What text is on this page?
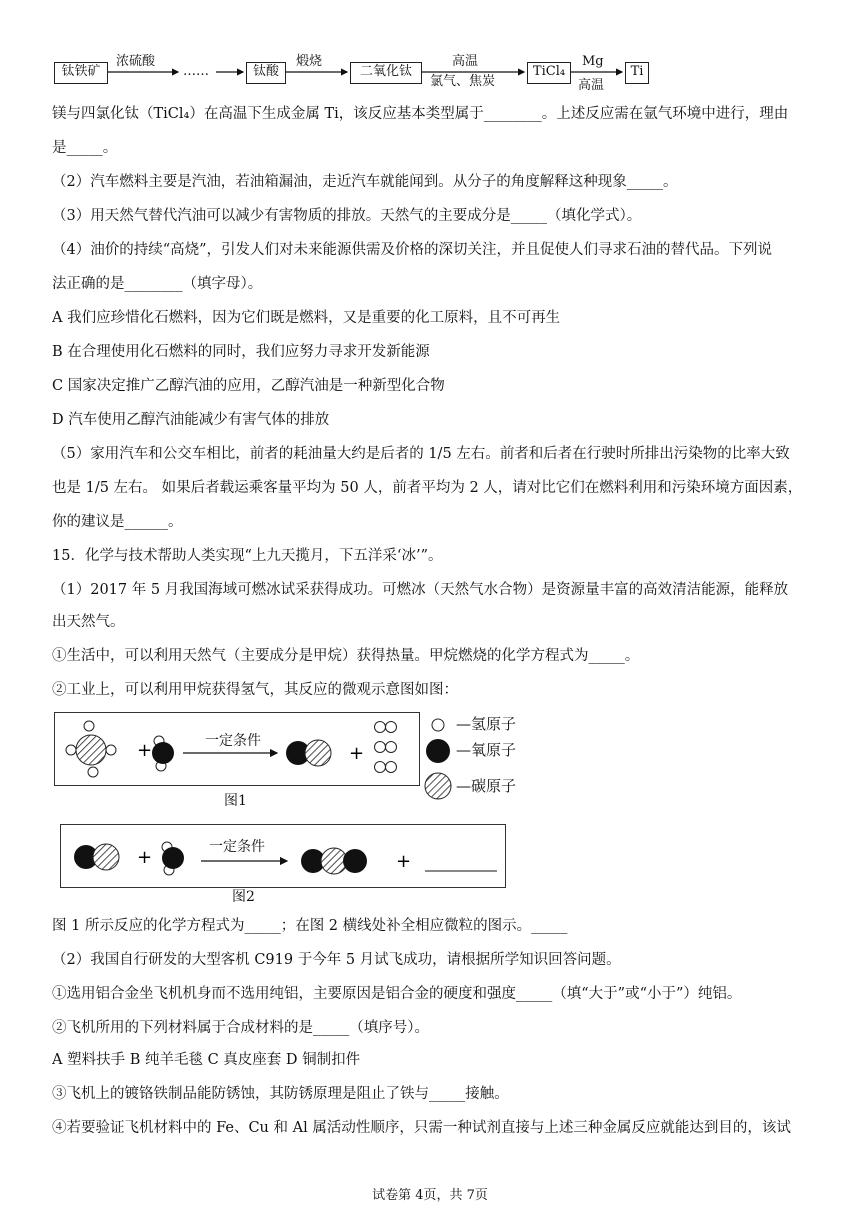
钛铁矿
浓硫酸
……	钛酸
煅烧
二氧化钛
高温
氯气、焦炭
TiCl₄
Mg
高温
Ti
镁与四氯化钛（TiCl₄）在高温下生成金属 Ti，该反应基本类型属于________。上述反应需在氩气环境中进行，理由
是_____。
（2）汽车燃料主要是汽油，若油箱漏油，走近汽车就能闻到。从分子的角度解释这种现象_____。
（3）用天然气替代汽油可以减少有害物质的排放。天然气的主要成分是_____（填化学式）。
（4）油价的持续“高烧”，引发人们对未来能源供需及价格的深切关注，并且促使人们寻求石油的替代品。下列说
法正确的是________（填字母）。
A 我们应珍惜化石燃料，因为它们既是燃料，又是重要的化工原料，且不可再生
B 在合理使用化石燃料的同时，我们应努力寻求开发新能源
C 国家决定推广乙醇汽油的应用，乙醇汽油是一种新型化合物
D 汽车使用乙醇汽油能减少有害气体的排放
（5）家用汽车和公交车相比，前者的耗油量大约是后者的 1/5 左右。前者和后者在行驶时所排出污染物的比率大致
也是 1/5 左右。 如果后者载运乘客量平均为 50 人，前者平均为 2 人，请对比它们在燃料利用和污染环境方面因素，
你的建议是______。
15．化学与技术帮助人类实现“上九天揽月，下五洋采‘冰’”。
（1）2017 年 5 月我国海域可燃冰试采获得成功。可燃冰（天然气水合物）是资源量丰富的高效清洁能源，能释放
出天然气。
①生活中，可以利用天然气（主要成分是甲烷）获得热量。甲烷燃烧的化学方程式为_____。
②工业上，可以利用甲烷获得氢气，其反应的微观示意图如图：
+	+
一定条件
图1
—氢原子
—氧原子
—碳原子
+	+
一定条件
图2
图 1 所示反应的化学方程式为_____；在图 2 横线处补全相应微粒的图示。_____
（2）我国自行研发的大型客机 C919 于今年 5 月试飞成功，请根据所学知识回答问题。
①选用铝合金坐飞机机身而不选用纯铝，主要原因是铝合金的硬度和强度_____（填“大于”或“小于”）纯铝。
②飞机所用的下列材料属于合成材料的是_____（填序号）。
A 塑料扶手 B 纯羊毛毯 C 真皮座套 D 铜制扣件
③飞机上的镀铬铁制品能防锈蚀，其防锈原理是阻止了铁与_____接触。
④若要验证飞机材料中的 Fe、Cu 和 Al 属活动性顺序，只需一种试剂直接与上述三种金属反应就能达到目的，该试
试卷第 4页，共 7页
